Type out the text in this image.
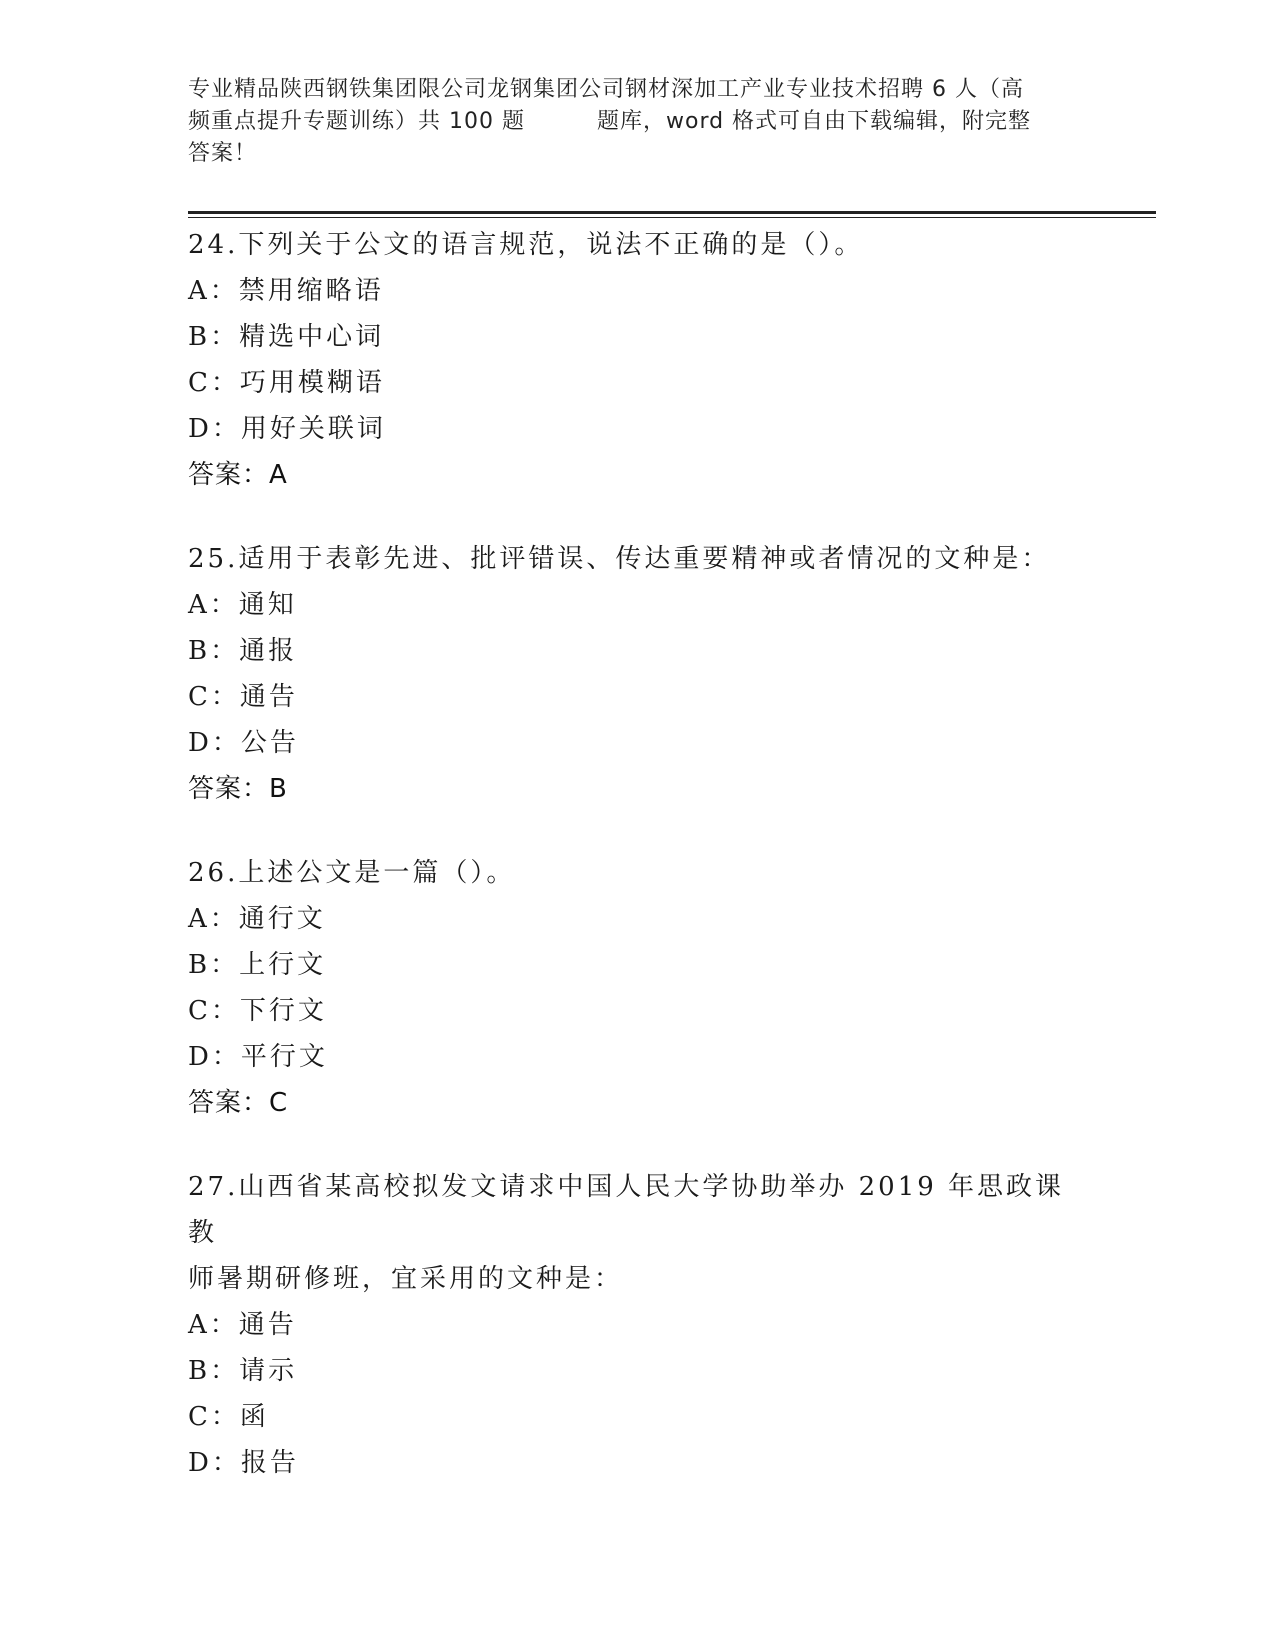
专业精品陕西钢铁集团限公司龙钢集团公司钢材深加工产业专业技术招聘 6 人（高
频重点提升专题训练）共 100 题	题库，word 格式可自由下载编辑，附完整
答案！
24.下列关于公文的语言规范，说法不正确的是（）。
A：禁用缩略语
B：精选中心词
C：巧用模糊语
D：用好关联词
答案：A
25.适用于表彰先进、批评错误、传达重要精神或者情况的文种是：
A：通知
B：通报
C：通告
D：公告
答案：B
26.上述公文是一篇（）。
A：通行文
B：上行文
C：下行文
D：平行文
答案：C
27.山西省某高校拟发文请求中国人民大学协助举办 2019 年思政课教
师暑期研修班，宜采用的文种是：
A：通告
B：请示
C：函
D：报告
